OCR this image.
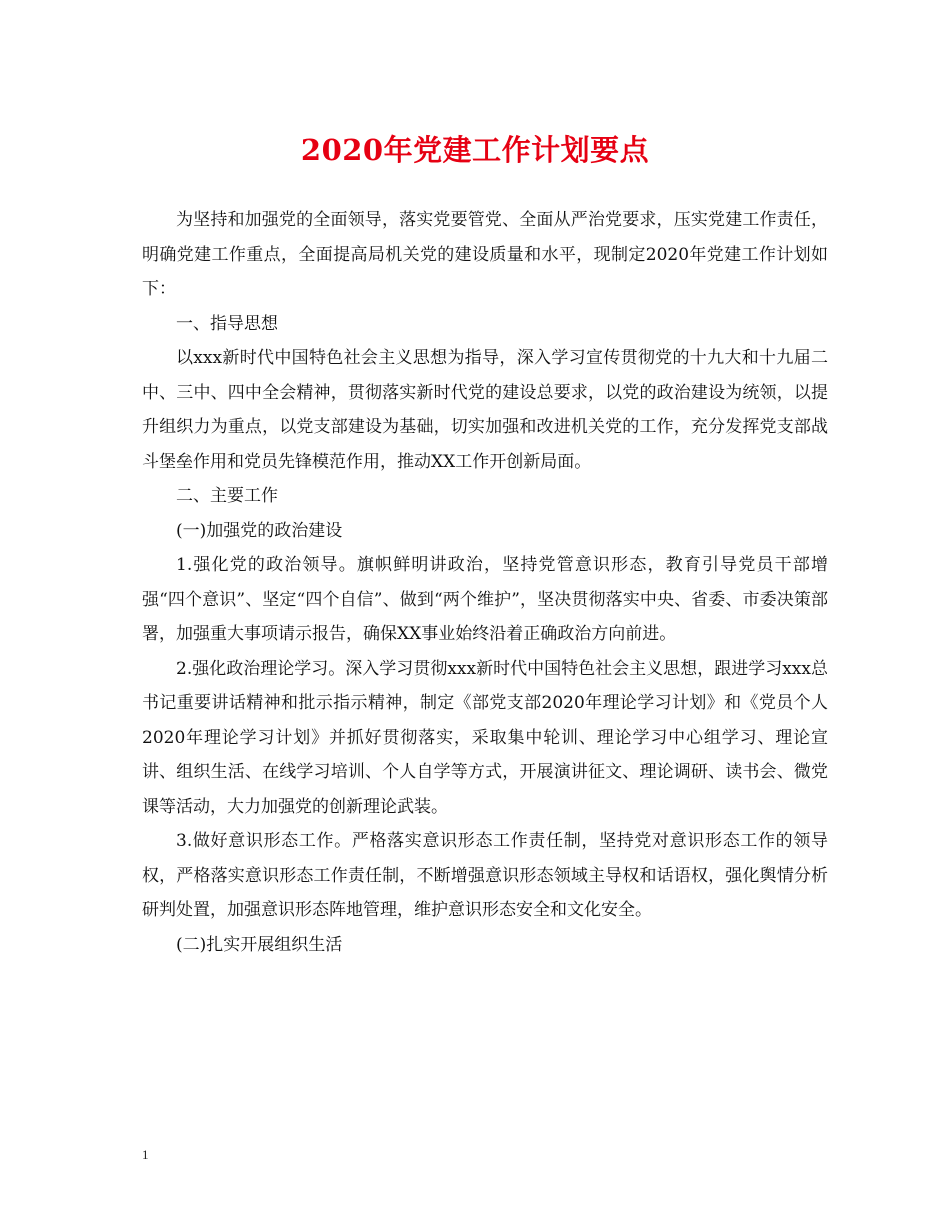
2020年党建工作计划要点

为坚持和加强党的全面领导，落实党要管党、全面从严治党要求，压实党建工作责任，明确党建工作重点，全面提高局机关党的建设质量和水平，现制定2020年党建工作计划如下：

一、指导思想

以xxx新时代中国特色社会主义思想为指导，深入学习宣传贯彻党的十九大和十九届二中、三中、四中全会精神，贯彻落实新时代党的建设总要求，以党的政治建设为统领，以提升组织力为重点，以党支部建设为基础，切实加强和改进机关党的工作，充分发挥党支部战斗堡垒作用和党员先锋模范作用，推动XX工作开创新局面。

二、主要工作

(一)加强党的政治建设

1.强化党的政治领导。旗帜鲜明讲政治，坚持党管意识形态，教育引导党员干部增强“四个意识”、坚定“四个自信”、做到“两个维护”，坚决贯彻落实中央、省委、市委决策部署，加强重大事项请示报告，确保XX事业始终沿着正确政治方向前进。

2.强化政治理论学习。深入学习贯彻xxx新时代中国特色社会主义思想，跟进学习xxx总书记重要讲话精神和批示指示精神，制定《部党支部2020年理论学习计划》和《党员个人2020年理论学习计划》并抓好贯彻落实，采取集中轮训、理论学习中心组学习、理论宣讲、组织生活、在线学习培训、个人自学等方式，开展演讲征文、理论调研、读书会、微党课等活动，大力加强党的创新理论武装。

3.做好意识形态工作。严格落实意识形态工作责任制，坚持党对意识形态工作的领导权，严格落实意识形态工作责任制，不断增强意识形态领域主导权和话语权，强化舆情分析研判处置，加强意识形态阵地管理，维护意识形态安全和文化安全。

(二)扎实开展组织生活

1
